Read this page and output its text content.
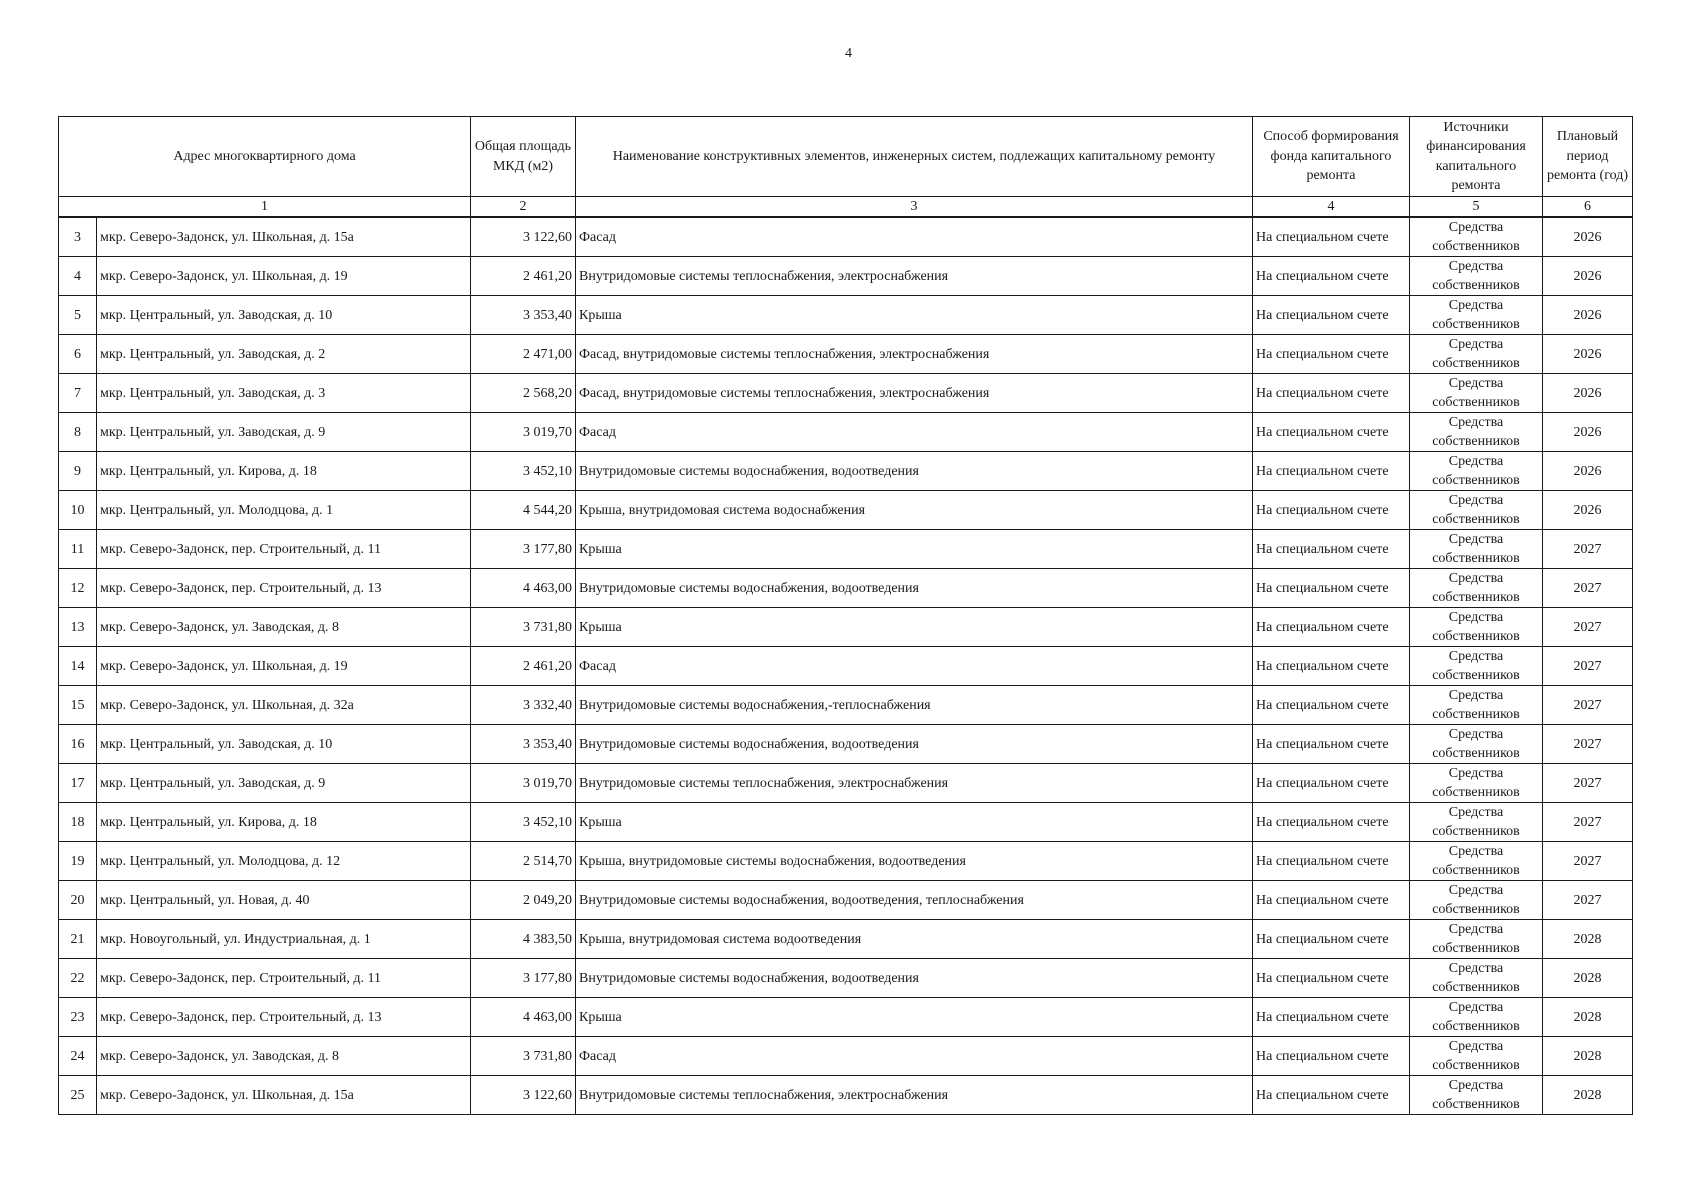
4
Адрес многоквартирного дома		Общая площадь МКД (м2)	Наименование конструктивных элементов, инженерных систем, подлежащих капитальному ремонту	Способ формирования фонда капитального ремонта	Источники финансирования капитального ремонта	Плановый период ремонта (год)
1		2	3	4	5	6
3	мкр. Северо-Задонск, ул. Школьная, д. 15а	3 122,60	Фасад	На специальном счете	Средства собственников	2026
4	мкр. Северо-Задонск, ул. Школьная, д. 19	2 461,20	Внутридомовые системы теплоснабжения, электроснабжения	На специальном счете	Средства собственников	2026
5	мкр. Центральный, ул. Заводская, д. 10	3 353,40	Крыша	На специальном счете	Средства собственников	2026
6	мкр. Центральный, ул. Заводская, д. 2	2 471,00	Фасад, внутридомовые системы теплоснабжения, электроснабжения	На специальном счете	Средства собственников	2026
7	мкр. Центральный, ул. Заводская, д. 3	2 568,20	Фасад, внутридомовые системы теплоснабжения, электроснабжения	На специальном счете	Средства собственников	2026
8	мкр. Центральный, ул. Заводская, д. 9	3 019,70	Фасад	На специальном счете	Средства собственников	2026
9	мкр. Центральный, ул. Кирова, д. 18	3 452,10	Внутридомовые системы водоснабжения, водоотведения	На специальном счете	Средства собственников	2026
10	мкр. Центральный, ул. Молодцова, д. 1	4 544,20	Крыша, внутридомовая система водоснабжения	На специальном счете	Средства собственников	2026
11	мкр. Северо-Задонск, пер. Строительный, д. 11	3 177,80	Крыша	На специальном счете	Средства собственников	2027
12	мкр. Северо-Задонск, пер. Строительный, д. 13	4 463,00	Внутридомовые системы водоснабжения, водоотведения	На специальном счете	Средства собственников	2027
13	мкр. Северо-Задонск, ул. Заводская, д. 8	3 731,80	Крыша	На специальном счете	Средства собственников	2027
14	мкр. Северо-Задонск, ул. Школьная, д. 19	2 461,20	Фасад	На специальном счете	Средства собственников	2027
15	мкр. Северо-Задонск, ул. Школьная, д. 32а	3 332,40	Внутридомовые системы водоснабжения,-теплоснабжения	На специальном счете	Средства собственников	2027
16	мкр. Центральный, ул. Заводская, д. 10	3 353,40	Внутридомовые системы водоснабжения, водоотведения	На специальном счете	Средства собственников	2027
17	мкр. Центральный, ул. Заводская, д. 9	3 019,70	Внутридомовые системы теплоснабжения, электроснабжения	На специальном счете	Средства собственников	2027
18	мкр. Центральный, ул. Кирова, д. 18	3 452,10	Крыша	На специальном счете	Средства собственников	2027
19	мкр. Центральный, ул. Молодцова, д. 12	2 514,70	Крыша, внутридомовые системы водоснабжения, водоотведения	На специальном счете	Средства собственников	2027
20	мкр. Центральный, ул. Новая, д. 40	2 049,20	Внутридомовые системы водоснабжения, водоотведения, теплоснабжения	На специальном счете	Средства собственников	2027
21	мкр. Новоугольный, ул. Индустриальная, д. 1	4 383,50	Крыша, внутридомовая система водоотведения	На специальном счете	Средства собственников	2028
22	мкр. Северо-Задонск, пер. Строительный, д. 11	3 177,80	Внутридомовые системы водоснабжения, водоотведения	На специальном счете	Средства собственников	2028
23	мкр. Северо-Задонск, пер. Строительный, д. 13	4 463,00	Крыша	На специальном счете	Средства собственников	2028
24	мкр. Северо-Задонск, ул. Заводская, д. 8	3 731,80	Фасад	На специальном счете	Средства собственников	2028
25	мкр. Северо-Задонск, ул. Школьная, д. 15а	3 122,60	Внутридомовые системы теплоснабжения, электроснабжения	На специальном счете	Средства собственников	2028
